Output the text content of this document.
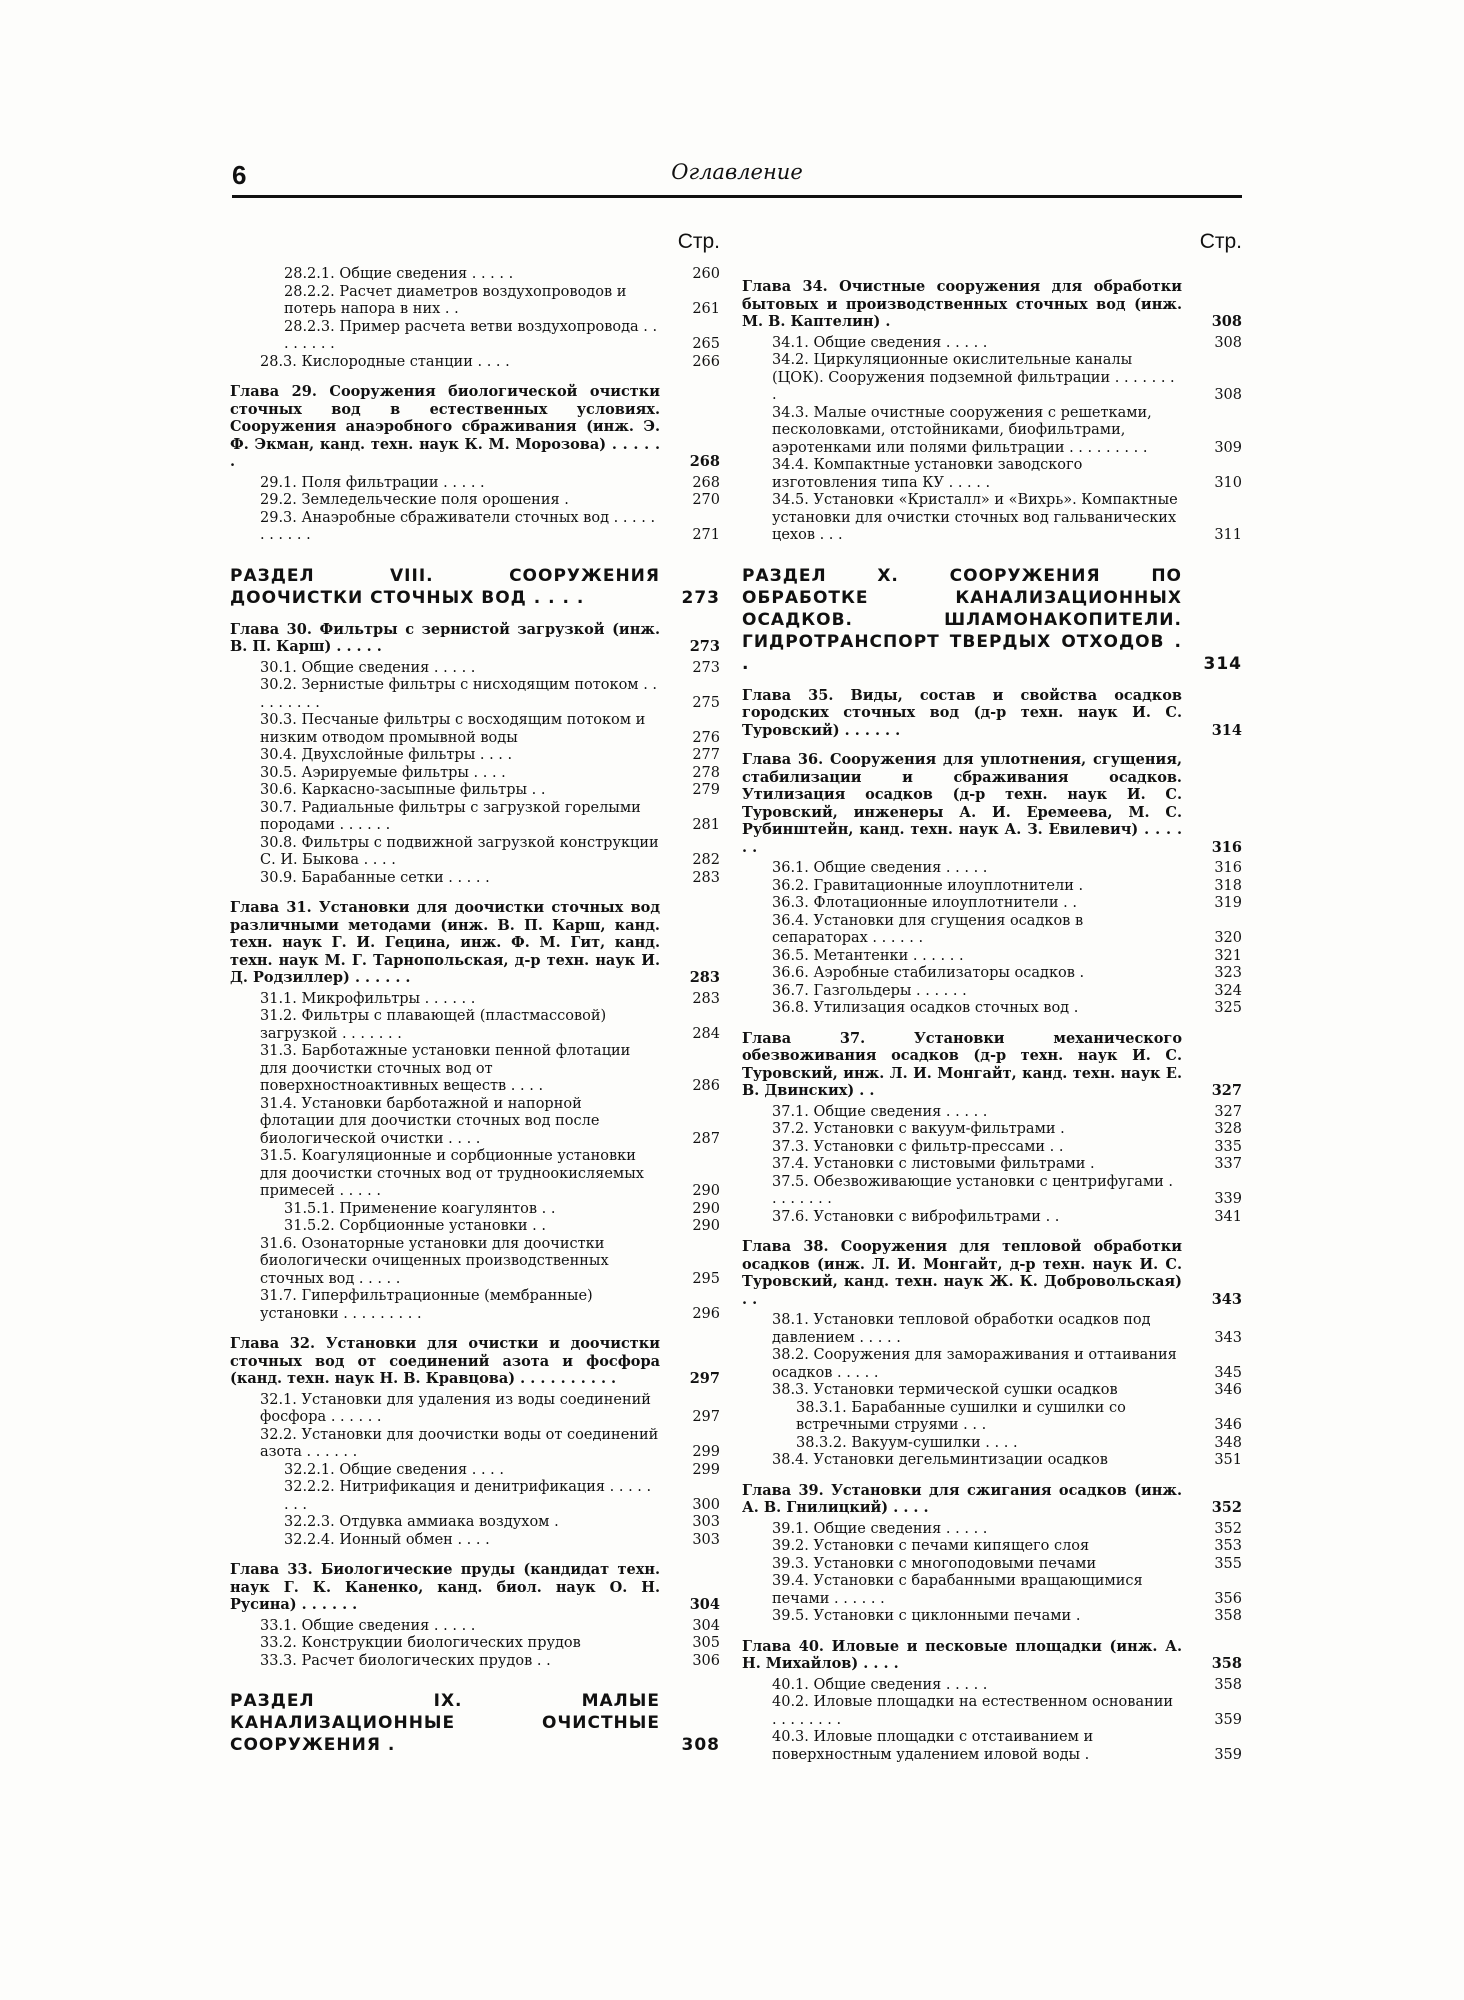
6	Оглавление
Стр.
28.2.1. Общие сведения . . . . .	260
28.2.2. Расчет диаметров воздухопроводов и потерь напора в них . .	261
28.2.3. Пример расчета ветви воздухопровода . . . . . . . .	265
28.3. Кислородные станции . . . .	266
Глава 29. Сооружения биологической очистки сточных вод в естественных условиях. Сооружения анаэробного сбраживания (инж. Э. Ф. Экман, канд. техн. наук К. М. Морозова) . . . . . .	268
29.1. Поля фильтрации . . . . .	268
29.2. Земледельческие поля орошения .	270
29.3. Анаэробные сбраживатели сточных вод . . . . . . . . . . .	271
РАЗДЕЛ VIII. СООРУЖЕНИЯ ДООЧИСТКИ СТОЧНЫХ ВОД . . . .	273
Глава 30. Фильтры с зернистой загрузкой (инж. В. П. Карш) . . . . .	273
30.1. Общие сведения . . . . .	273
30.2. Зернистые фильтры с нисходящим потоком . . . . . . . . .	275
30.3. Песчаные фильтры с восходящим потоком и низким отводом промывной воды	276
30.4. Двухслойные фильтры . . . .	277
30.5. Аэрируемые фильтры . . . .	278
30.6. Каркасно-засыпные фильтры . .	279
30.7. Радиальные фильтры с загрузкой горелыми породами . . . . . .	281
30.8. Фильтры с подвижной загрузкой конструкции С. И. Быкова . . . .	282
30.9. Барабанные сетки . . . . .	283
Глава 31. Установки для доочистки сточных вод различными методами (инж. В. П. Карш, канд. техн. наук Г. И. Гецина, инж. Ф. М. Гит, канд. техн. наук М. Г. Тарнопольская, д-р техн. наук И. Д. Родзиллер) . . . . . .	283
31.1. Микрофильтры . . . . . .	283
31.2. Фильтры с плавающей (пластмассовой) загрузкой . . . . . . .	284
31.3. Барботажные установки пенной флотации для доочистки сточных вод от поверхностноактивных веществ . . . .	286
31.4. Установки барботажной и напорной флотации для доочистки сточных вод после биологической очистки . . . .	287
31.5. Коагуляционные и сорбционные установки для доочистки сточных вод от трудноокисляемых примесей . . . . .	290
31.5.1. Применение коагулянтов . .	290
31.5.2. Сорбционные установки . .	290
31.6. Озонаторные установки для доочистки биологически очищенных производственных сточных вод . . . . .	295
31.7. Гиперфильтрационные (мембранные) установки . . . . . . . . .	296
Глава 32. Установки для очистки и доочистки сточных вод от соединений азота и фосфора (канд. техн. наук Н. В. Кравцова) . . . . . . . . . .	297
32.1. Установки для удаления из воды соединений фосфора . . . . . .	297
32.2. Установки для доочистки воды от соединений азота . . . . . .	299
32.2.1. Общие сведения . . . .	299
32.2.2. Нитрификация и денитрификация . . . . . . . .	300
32.2.3. Отдувка аммиака воздухом .	303
32.2.4. Ионный обмен . . . .	303
Глава 33. Биологические пруды (кандидат техн. наук Г. К. Каненко, канд. биол. наук О. Н. Русина) . . . . . .	304
33.1. Общие сведения . . . . .	304
33.2. Конструкции биологических прудов	305
33.3. Расчет биологических прудов . .	306
РАЗДЕЛ IX. МАЛЫЕ КАНАЛИЗАЦИОННЫЕ ОЧИСТНЫЕ СООРУЖЕНИЯ .	308
Стр.
Глава 34. Очистные сооружения для обработки бытовых и производственных сточных вод (инж. М. В. Каптелин) .	308
34.1. Общие сведения . . . . .	308
34.2. Циркуляционные окислительные каналы (ЦОК). Сооружения подземной фильтрации . . . . . . . .	308
34.3. Малые очистные сооружения с решетками, песколовками, отстойниками, биофильтрами, аэротенками или полями фильтрации . . . . . . . . .	309
34.4. Компактные установки заводского изготовления типа КУ . . . . .	310
34.5. Установки «Кристалл» и «Вихрь». Компактные установки для очистки сточных вод гальванических цехов . . .	311
РАЗДЕЛ X. СООРУЖЕНИЯ ПО ОБРАБОТКЕ КАНАЛИЗАЦИОННЫХ ОСАДКОВ. ШЛАМОНАКОПИТЕЛИ. ГИДРОТРАНСПОРТ ТВЕРДЫХ ОТХОДОВ . .	314
Глава 35. Виды, состав и свойства осадков городских сточных вод (д-р техн. наук И. С. Туровский) . . . . . .	314
Глава 36. Сооружения для уплотнения, сгущения, стабилизации и сбраживания осадков. Утилизация осадков (д-р техн. наук И. С. Туровский, инженеры А. И. Еремеева, М. С. Рубинштейн, канд. техн. наук А. З. Евилевич) . . . . . .	316
36.1. Общие сведения . . . . .	316
36.2. Гравитационные илоуплотнители .	318
36.3. Флотационные илоуплотнители . .	319
36.4. Установки для сгущения осадков в сепараторах . . . . . .	320
36.5. Метантенки . . . . . .	321
36.6. Аэробные стабилизаторы осадков .	323
36.7. Газгольдеры . . . . . .	324
36.8. Утилизация осадков сточных вод .	325
Глава 37. Установки механического обезвоживания осадков (д-р техн. наук И. С. Туровский, инж. Л. И. Монгайт, канд. техн. наук Е. В. Двинских) . .	327
37.1. Общие сведения . . . . .	327
37.2. Установки с вакуум-фильтрами .	328
37.3. Установки с фильтр-прессами . .	335
37.4. Установки с листовыми фильтрами .	337
37.5. Обезвоживающие установки с центрифугами . . . . . . . .	339
37.6. Установки с виброфильтрами . .	341
Глава 38. Сооружения для тепловой обработки осадков (инж. Л. И. Монгайт, д-р техн. наук И. С. Туровский, канд. техн. наук Ж. К. Добровольская) . .	343
38.1. Установки тепловой обработки осадков под давлением . . . . .	343
38.2. Сооружения для замораживания и оттаивания осадков . . . . .	345
38.3. Установки термической сушки осадков	346
38.3.1. Барабанные сушилки и сушилки со встречными струями . . .	346
38.3.2. Вакуум-сушилки . . . .	348
38.4. Установки дегельминтизации осадков	351
Глава 39. Установки для сжигания осадков (инж. А. В. Гнилицкий) . . . .	352
39.1. Общие сведения . . . . .	352
39.2. Установки с печами кипящего слоя	353
39.3. Установки с многоподовыми печами	355
39.4. Установки с барабанными вращающимися печами . . . . . .	356
39.5. Установки с циклонными печами .	358
Глава 40. Иловые и песковые площадки (инж. А. Н. Михайлов) . . . .	358
40.1. Общие сведения . . . . .	358
40.2. Иловые площадки на естественном основании . . . . . . . .	359
40.3. Иловые площадки с отстаиванием и поверхностным удалением иловой воды .	359
